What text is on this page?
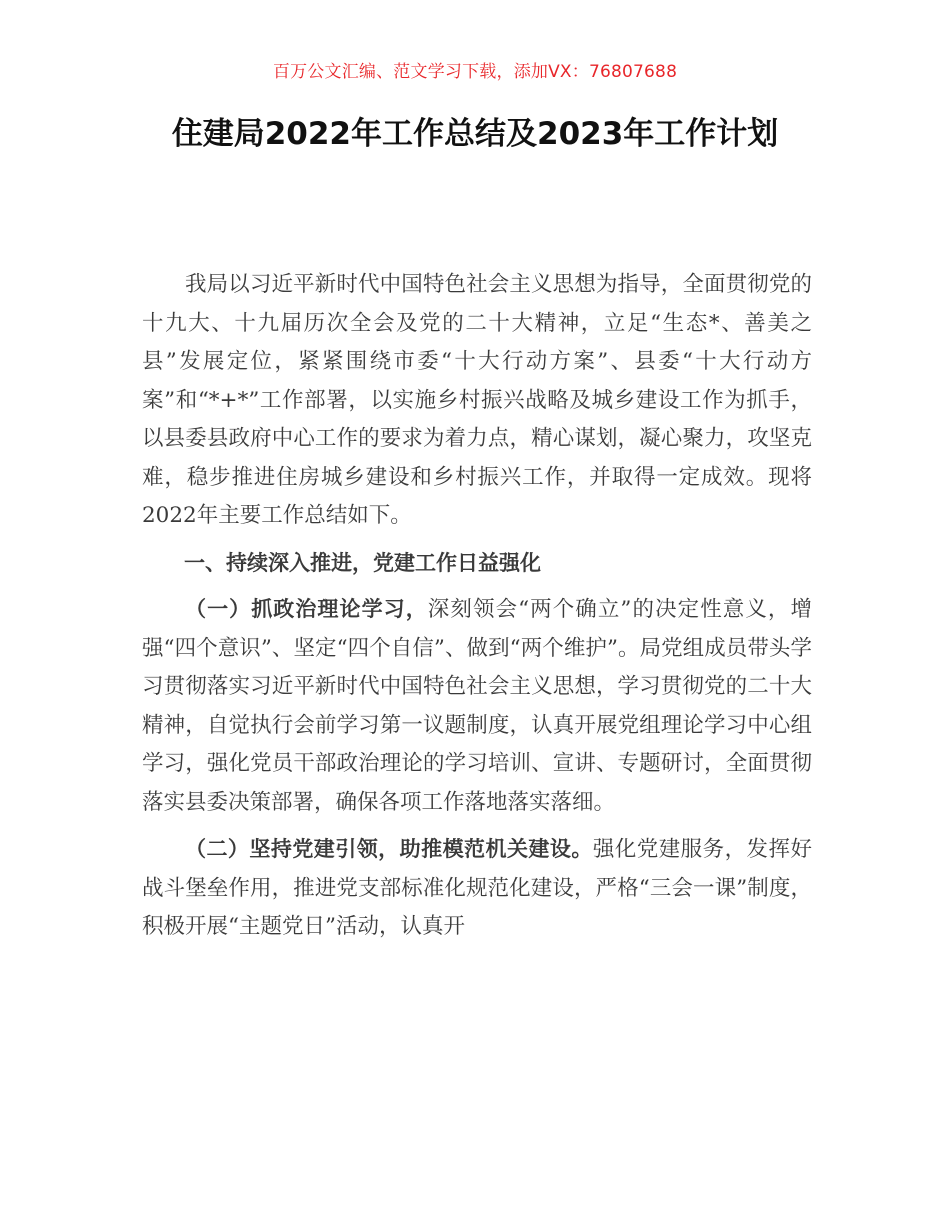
百万公文汇编、范文学习下载，添加VX：76807688
住建局2022年工作总结及2023年工作计划

我局以习近平新时代中国特色社会主义思想为指导，全面贯彻党的十九大、十九届历次全会及党的二十大精神，立足“生态*、善美之县”发展定位，紧紧围绕市委“十大行动方案”、县委“十大行动方案”和“*+*”工作部署，以实施乡村振兴战略及城乡建设工作为抓手，以县委县政府中心工作的要求为着力点，精心谋划，凝心聚力，攻坚克难，稳步推进住房城乡建设和乡村振兴工作，并取得一定成效。现将2022年主要工作总结如下。

一、持续深入推进，党建工作日益强化

（一）抓政治理论学习，深刻领会“两个确立”的决定性意义，增强“四个意识”、坚定“四个自信”、做到“两个维护”。局党组成员带头学习贯彻落实习近平新时代中国特色社会主义思想，学习贯彻党的二十大精神，自觉执行会前学习第一议题制度，认真开展党组理论学习中心组学习，强化党员干部政治理论的学习培训、宣讲、专题研讨，全面贯彻落实县委决策部署，确保各项工作落地落实落细。

（二）坚持党建引领，助推模范机关建设。强化党建服务，发挥好战斗堡垒作用，推进党支部标准化规范化建设，严格“三会一课”制度，积极开展“主题党日”活动，认真开
